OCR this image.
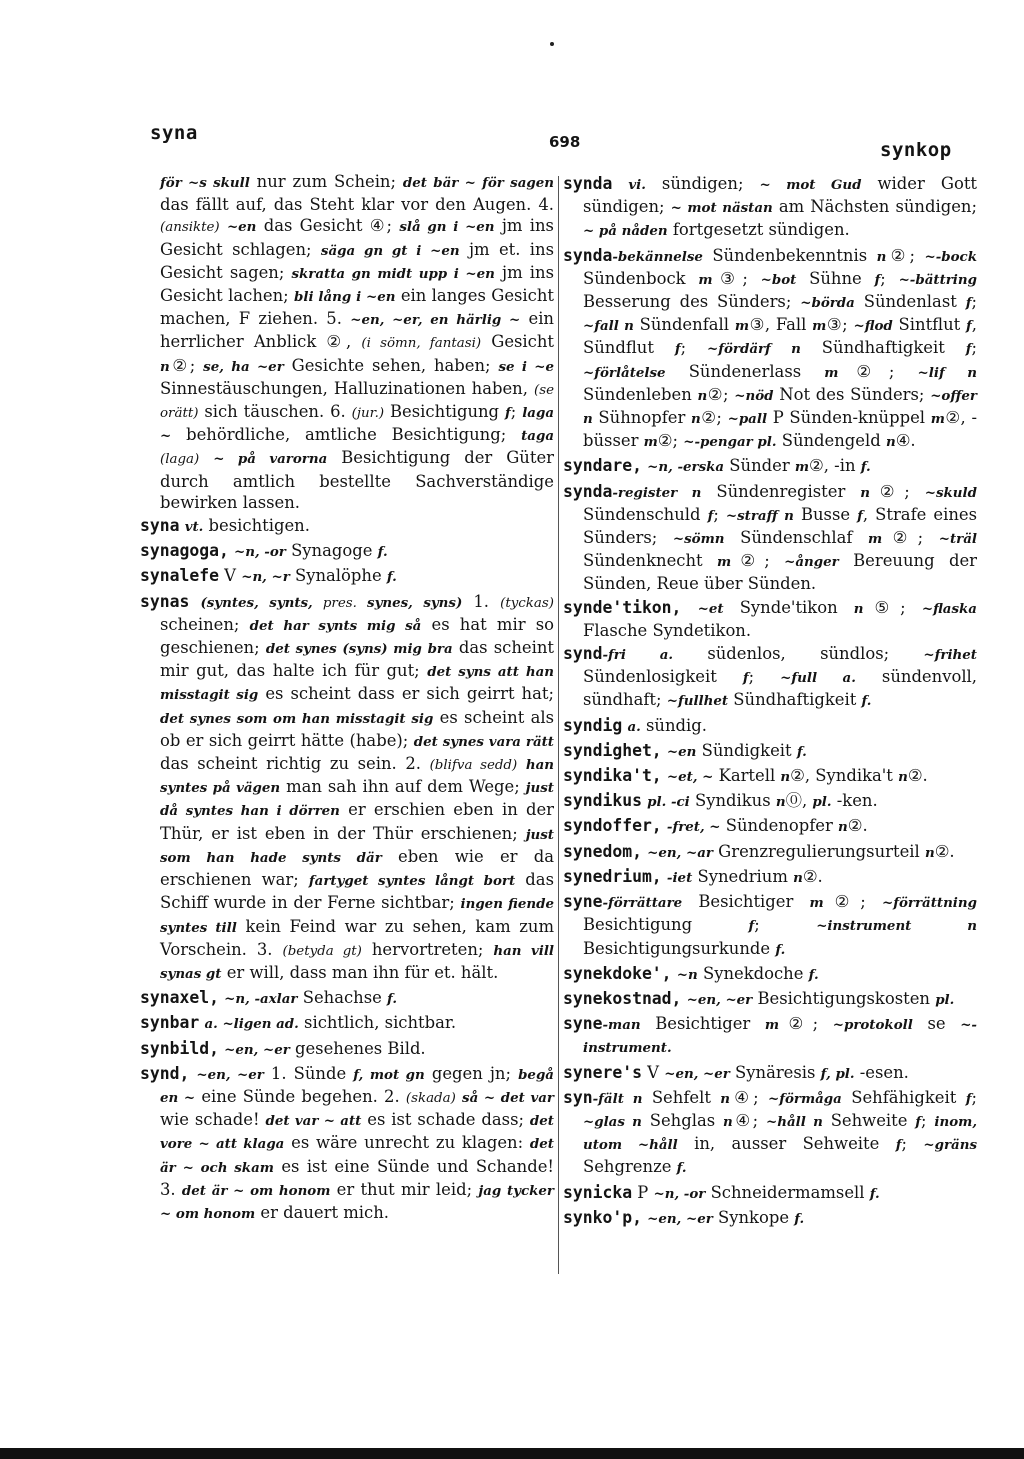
syna	698	synkop

för ~s skull nur zum Schein; det bär ~ för sagen das fällt auf, das Steht klar vor den Augen. 4. (ansikte) ~en das Gesicht ④; slå gn i ~en jm ins Gesicht schlagen; säga gn gt i ~en jm et. ins Gesicht sagen; skratta gn midt upp i ~en jm ins Gesicht lachen; bli lång i ~en ein langes Gesicht machen, F ziehen. 5. ~en, ~er, en härlig ~ ein herrlicher Anblick ②, (i sömn, fantasi) Gesicht n②; se, ha ~er Gesichte sehen, haben; se i ~e Sinnestäuschungen, Halluzinationen haben, (se orätt) sich täuschen. 6. (jur.) Besichtigung f; laga ~ behördliche, amtliche Besichtigung; taga (laga) ~ på varorna Besichtigung der Güter durch amtlich bestellte Sachverständige bewirken lassen.

syna vt. besichtigen.

synagoga, ~n, -or Synagoge f.

synalefe V ~n, ~r Synalöphe f.

synas (syntes, synts, pres. synes, syns) 1. (tyckas) scheinen; det har synts mig så es hat mir so geschienen; det synes (syns) mig bra das scheint mir gut, das halte ich für gut; det syns att han misstagit sig es scheint dass er sich geirrt hat; det synes som om han misstagit sig es scheint als ob er sich geirrt hätte (habe); det synes vara rätt das scheint richtig zu sein. 2. (blifva sedd) han syntes på vägen man sah ihn auf dem Wege; just då syntes han i dörren er erschien eben in der Thür, er ist eben in der Thür erschienen; just som han hade synts där eben wie er da erschienen war; fartyget syntes långt bort das Schiff wurde in der Ferne sichtbar; ingen fiende syntes till kein Feind war zu sehen, kam zum Vorschein. 3. (betyda gt) hervortreten; han vill synas gt er will, dass man ihn für et. hält.

synaxel, ~n, -axlar Sehachse f.

synbar a. ~ligen ad. sichtlich, sichtbar.

synbild, ~en, ~er gesehenes Bild.

synd, ~en, ~er 1. Sünde f, mot gn gegen jn; begå en ~ eine Sünde begehen. 2. (skada) så ~ det var wie schade! det var ~ att es ist schade dass; det vore ~ att klaga es wäre unrecht zu klagen: det är ~ och skam es ist eine Sünde und Schande! 3. det är ~ om honom er thut mir leid; jag tycker ~ om honom er dauert mich.

synda vi. sündigen; ~ mot Gud wider Gott sündigen; ~ mot nästan am Nächsten sündigen; ~ på nåden fortgesetzt sündigen.

synda-bekännelse Sündenbekenntnis n②; ~-bock Sündenbock m③; ~bot Sühne f; ~-bättring Besserung des Sünders; ~börda Sündenlast f; ~fall n Sündenfall m③, Fall m③; ~flod Sintflut f, Sündflut f; ~fördärf n Sündhaftigkeit f; ~förlåtelse Sündenerlass m②; ~lif n Sündenleben n②; ~nöd Not des Sünders; ~offer n Sühnopfer n②; ~pall P Sünden-knüppel m②, -büsser m②; ~-pengar pl. Sündengeld n④.

syndare, ~n, -erska Sünder m②, -in f.

synda-register n Sündenregister n②; ~skuld Sündenschuld f; ~straff n Busse f, Strafe eines Sünders; ~sömn Sündenschlaf m②; ~träl Sündenknecht m②; ~ånger Bereuung der Sünden, Reue über Sünden.

synde'tikon, ~et Synde'tikon n⑤; ~flaska Flasche Syndetikon.

synd-fri a. südenlos, sündlos; ~frihet Sündenlosigkeit f; ~full a. sündenvoll, sündhaft; ~fullhet Sündhaftigkeit f.

syndig a. sündig.

syndighet, ~en Sündigkeit f.

syndika't, ~et, ~ Kartell n②, Syndika't n②.

syndikus pl. -ci Syndikus n⓪, pl. -ken.

syndoffer, -fret, ~ Sündenopfer n②.

synedom, ~en, ~ar Grenzregulierungsurteil n②.

synedrium, -iet Synedrium n②.

syne-förrättare Besichtiger m②; ~förrättning Besichtigung f; ~instrument n Besichtigungsurkunde f.

synekdoke', ~n Synekdoche f.

synekostnad, ~en, ~er Besichtigungskosten pl.

syne-man Besichtiger m②; ~protokoll se ~-instrument.

synere's V ~en, ~er Synäresis f, pl. -esen.

syn-fält n Sehfelt n④; ~förmåga Sehfähigkeit f; ~glas n Sehglas n④; ~håll n Sehweite f; inom, utom ~håll in, ausser Sehweite f; ~gräns Sehgrenze f.

synicka P ~n, -or Schneidermamsell f.

synko'p, ~en, ~er Synkope f.
